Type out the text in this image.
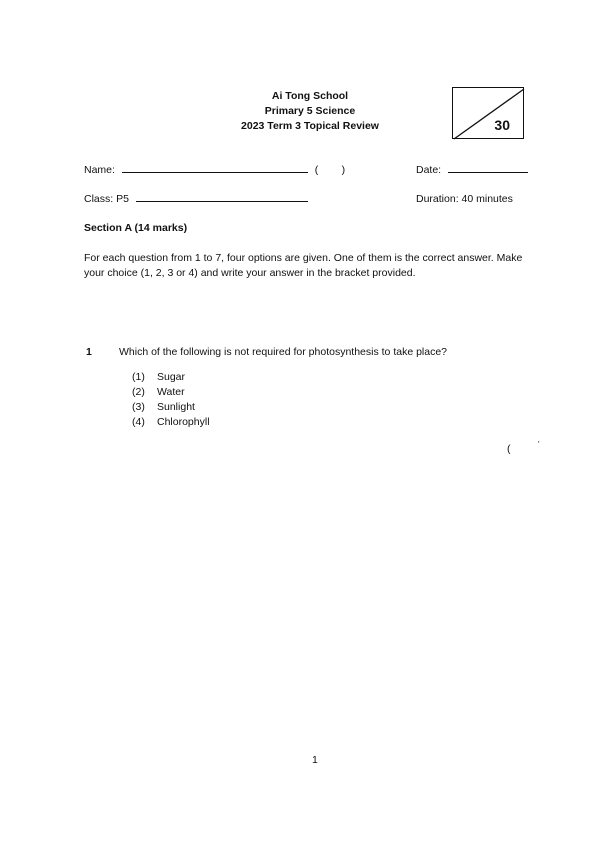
Ai Tong School
Primary 5 Science
2023 Term 3 Topical Review	30
Name:	(        )	Date:
Class: P5	Duration: 40 minutes
Section A (14 marks)
For each question from 1 to 7, four options are given. One of them is the correct answer. Make your choice (1, 2, 3 or 4) and write your answer in the bracket provided.
1	Which of the following is not required for photosynthesis to take place?
(1) Sugar
(2) Water
(3) Sunlight
(4) Chlorophyll
(	'
1
